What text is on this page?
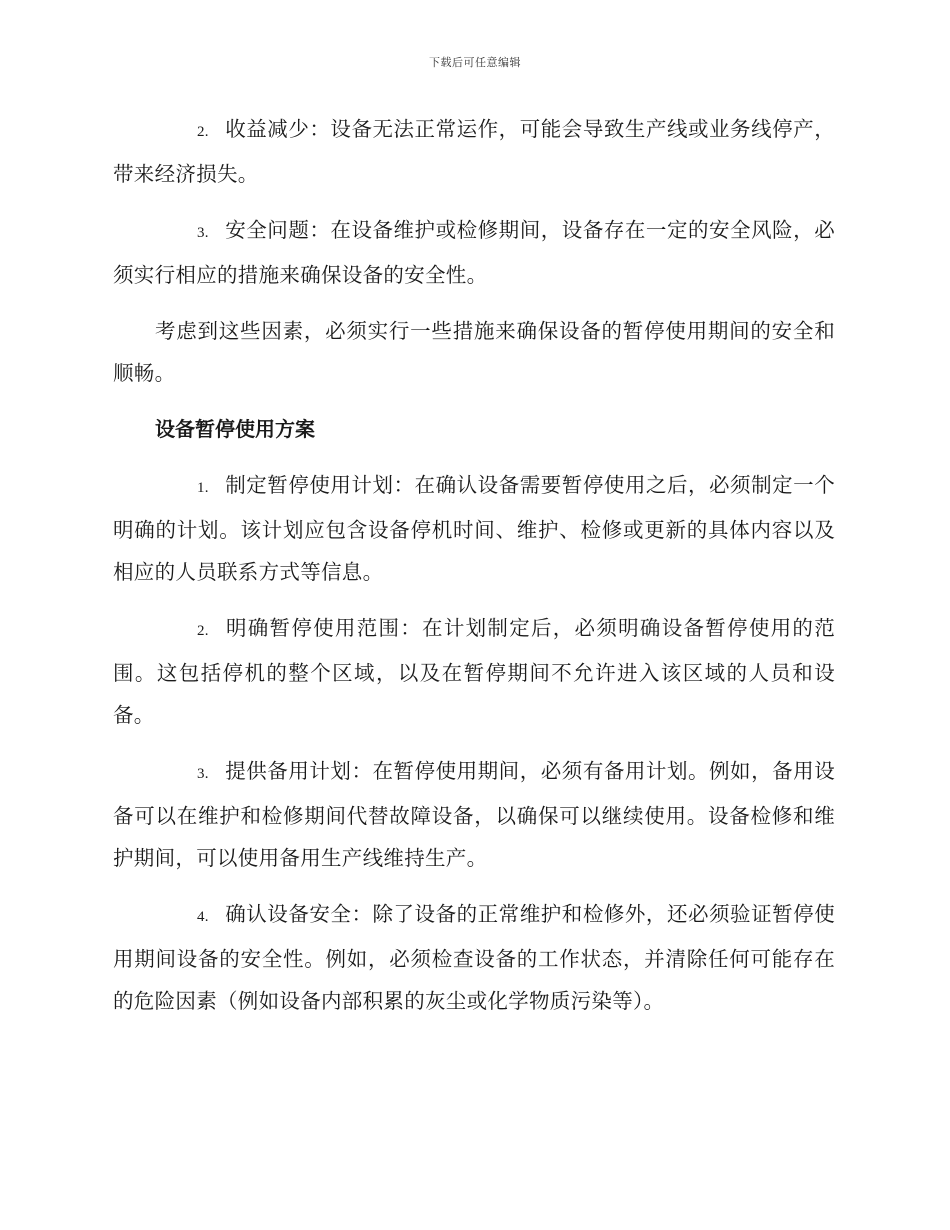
下载后可任意编辑

2. 收益减少：设备无法正常运作，可能会导致生产线或业务线停产，带来经济损失。

3. 安全问题：在设备维护或检修期间，设备存在一定的安全风险，必须实行相应的措施来确保设备的安全性。

考虑到这些因素，必须实行一些措施来确保设备的暂停使用期间的安全和顺畅。

设备暂停使用方案

1. 制定暂停使用计划：在确认设备需要暂停使用之后，必须制定一个明确的计划。该计划应包含设备停机时间、维护、检修或更新的具体内容以及相应的人员联系方式等信息。

2. 明确暂停使用范围：在计划制定后，必须明确设备暂停使用的范围。这包括停机的整个区域，以及在暂停期间不允许进入该区域的人员和设备。

3. 提供备用计划：在暂停使用期间，必须有备用计划。例如，备用设备可以在维护和检修期间代替故障设备，以确保可以继续使用。设备检修和维护期间，可以使用备用生产线维持生产。

4. 确认设备安全：除了设备的正常维护和检修外，还必须验证暂停使用期间设备的安全性。例如，必须检查设备的工作状态，并清除任何可能存在的危险因素（例如设备内部积累的灰尘或化学物质污染等）。
